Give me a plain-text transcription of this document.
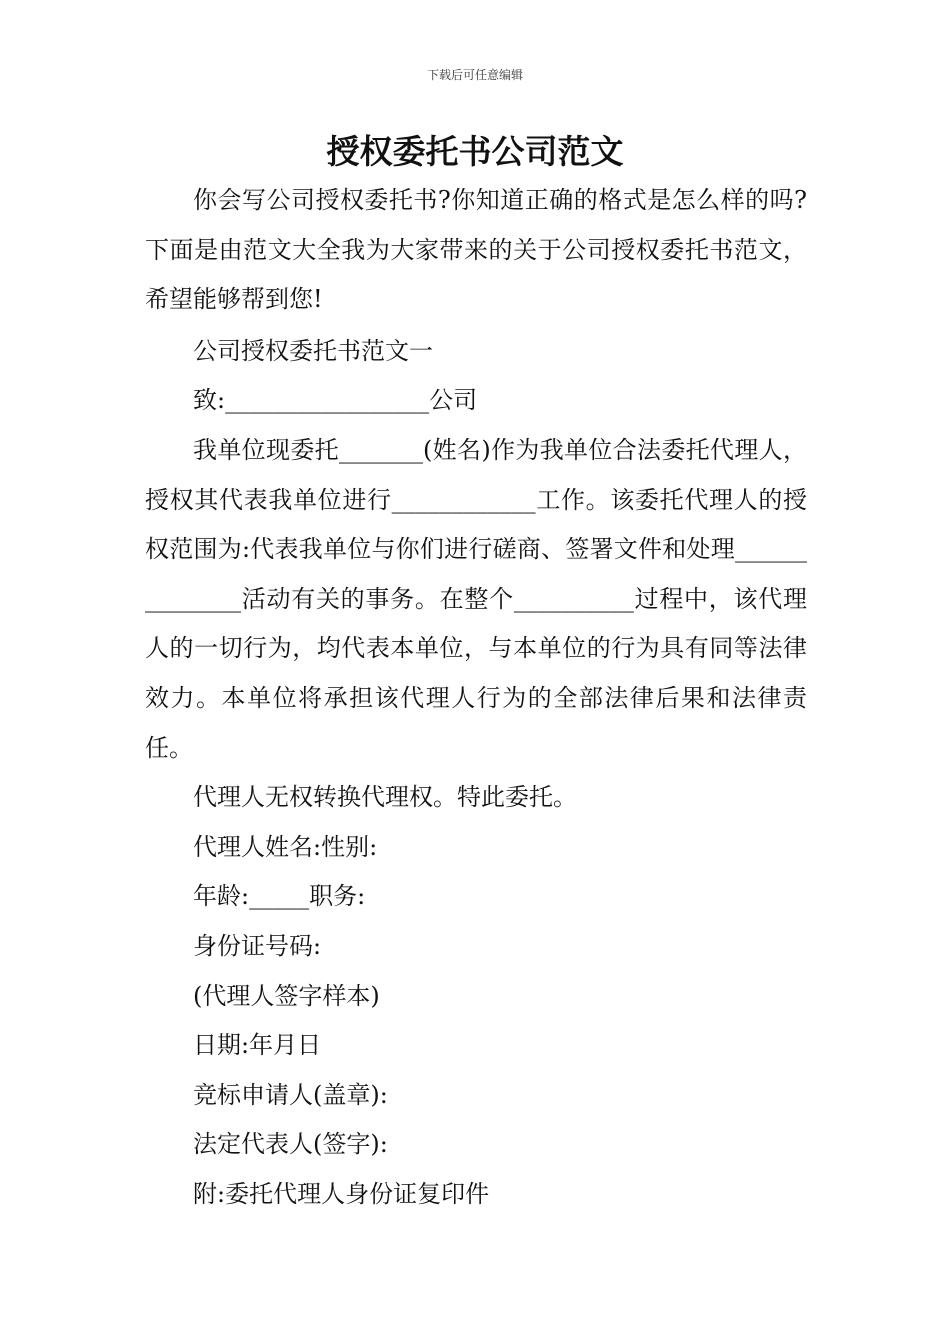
下载后可任意编辑
授权委托书公司范文

你会写公司授权委托书?你知道正确的格式是怎么样的吗?下面是由范文大全我为大家带来的关于公司授权委托书范文，希望能够帮到您!

公司授权委托书范文一

致:_________________公司

我单位现委托_______(姓名)作为我单位合法委托代理人，授权其代表我单位进行____________工作。该委托代理人的授权范围为:代表我单位与你们进行磋商、签署文件和处理______________活动有关的事务。在整个__________过程中，该代理人的一切行为，均代表本单位，与本单位的行为具有同等法律效力。本单位将承担该代理人行为的全部法律后果和法律责任。

代理人无权转换代理权。特此委托。

代理人姓名:性别:

年龄:_____职务:

身份证号码:

(代理人签字样本)

日期:年月日

竞标申请人(盖章):

法定代表人(签字):

附:委托代理人身份证复印件
